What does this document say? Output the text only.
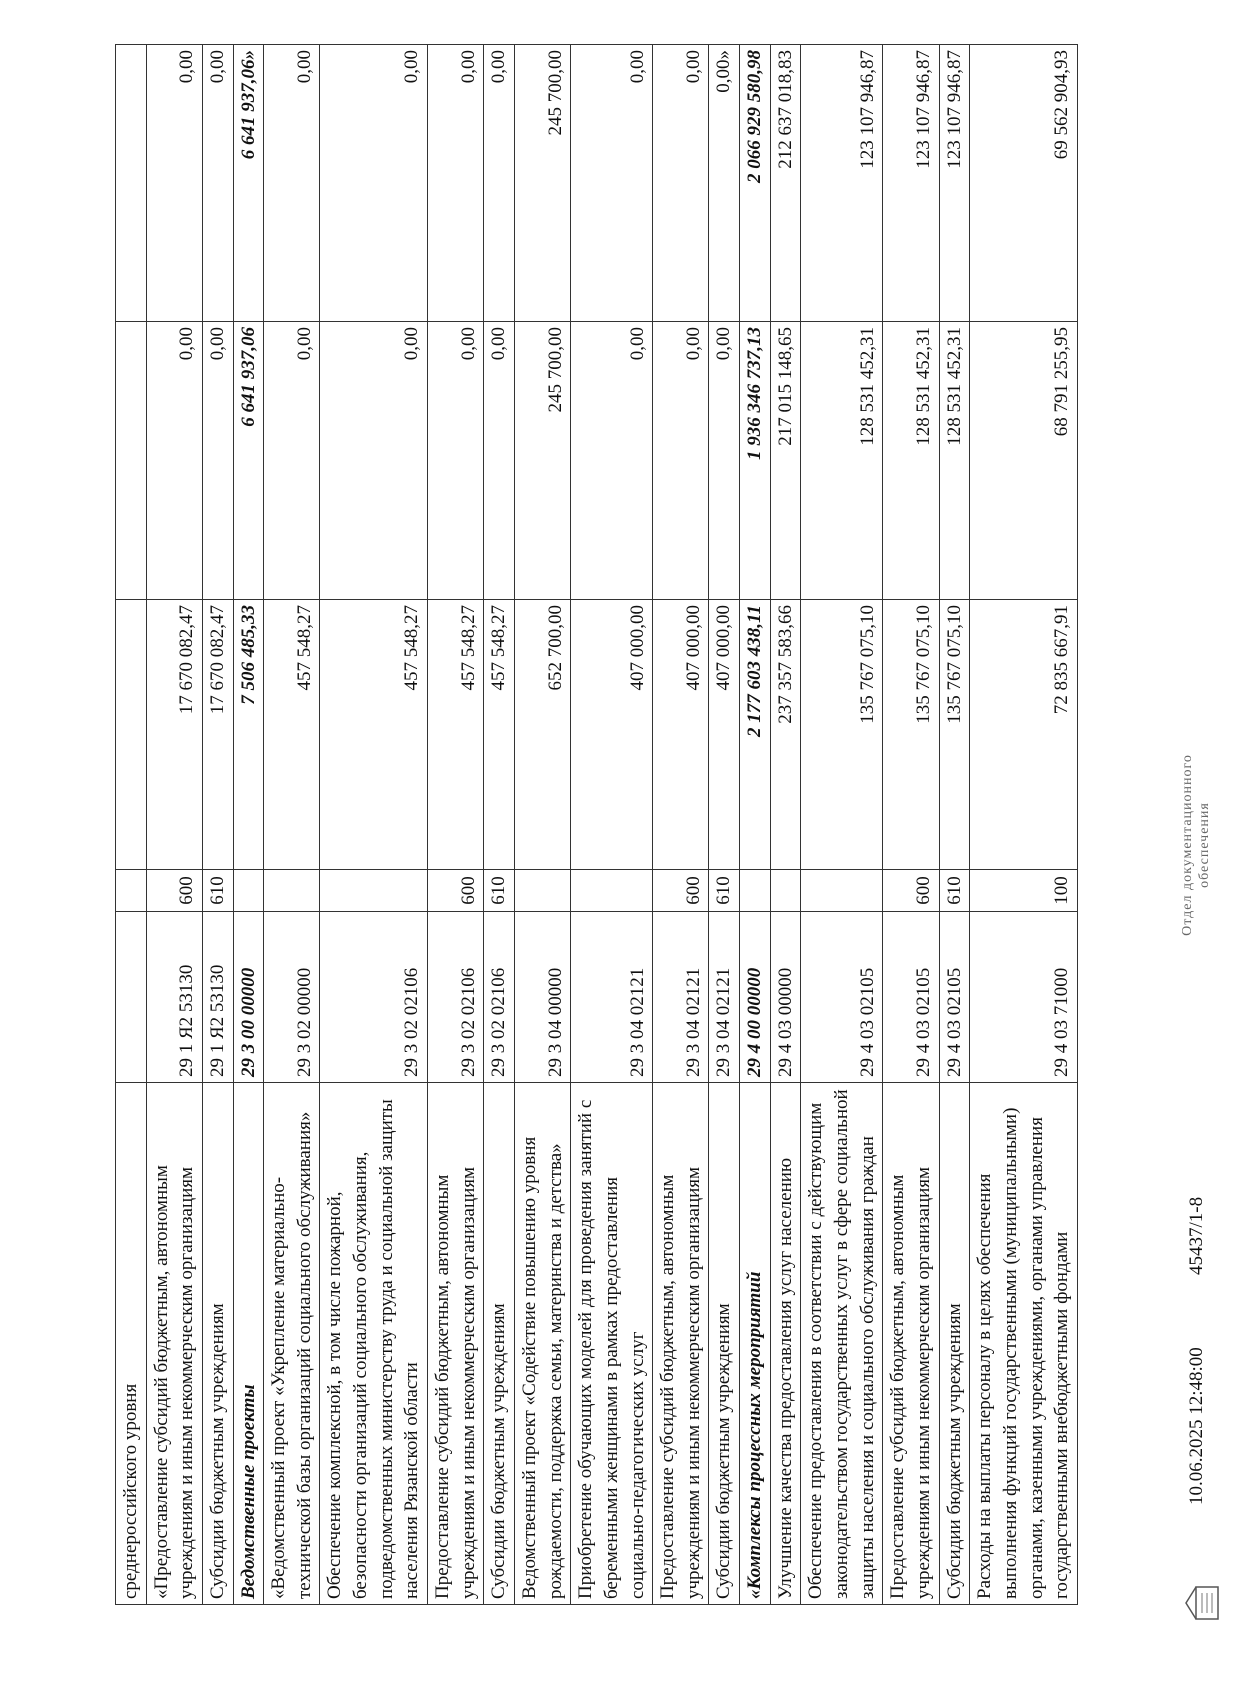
среднероссийского уровня					
«Предоставление субсидий бюджетным, автономным учреждениям и иным некоммерческим организациям	29 1 Я2 53130	600	17 670 082,47	0,00	0,00
Субсидии бюджетным учреждениям	29 1 Я2 53130	610	17 670 082,47	0,00	0,00
Ведомственные проекты	29 3 00 00000		7 506 485,33	6 641 937,06	6 641 937,06»
«Ведомственный проект «Укрепление материально-технической базы организаций социального обслуживания»	29 3 02 00000		457 548,27	0,00	0,00
Обеспечение комплексной, в том числе пожарной, безопасности организаций социального обслуживания, подведомственных министерству труда и социальной защиты населения Рязанской области	29 3 02 02106		457 548,27	0,00	0,00
Предоставление субсидий бюджетным, автономным учреждениям и иным некоммерческим организациям	29 3 02 02106	600	457 548,27	0,00	0,00
Субсидии бюджетным учреждениям	29 3 02 02106	610	457 548,27	0,00	0,00
Ведомственный проект «Содействие повышению уровня рождаемости, поддержка семьи, материнства и детства»	29 3 04 00000		652 700,00	245 700,00	245 700,00
Приобретение обучающих моделей для проведения занятий с беременными женщинами в рамках предоставления социально-педагогических услуг	29 3 04 02121		407 000,00	0,00	0,00
Предоставление субсидий бюджетным, автономным учреждениям и иным некоммерческим организациям	29 3 04 02121	600	407 000,00	0,00	0,00
Субсидии бюджетным учреждениям	29 3 04 02121	610	407 000,00	0,00	0,00»
«Комплексы процессных мероприятий	29 4 00 00000		2 177 603 438,11	1 936 346 737,13	2 066 929 580,98
Улучшение качества предоставления услуг населению	29 4 03 00000		237 357 583,66	217 015 148,65	212 637 018,83
Обеспечение предоставления в соответствии с действующим законодательством государственных услуг в сфере социальной защиты населения и социального обслуживания граждан	29 4 03 02105		135 767 075,10	128 531 452,31	123 107 946,87
Предоставление субсидий бюджетным, автономным учреждениям и иным некоммерческим организациям	29 4 03 02105	600	135 767 075,10	128 531 452,31	123 107 946,87
Субсидии бюджетным учреждениям	29 4 03 02105	610	135 767 075,10	128 531 452,31	123 107 946,87
Расходы на выплаты персоналу в целях обеспечения выполнения функций государственными (муниципальными) органами, казенными учреждениями, органами управления государственными внебюджетными фондами	29 4 03 71000	100	72 835 667,91	68 791 255,95	69 562 904,93
10.06.2025 12:48:00
45437/1-8
Отдел документационного обеспечения
